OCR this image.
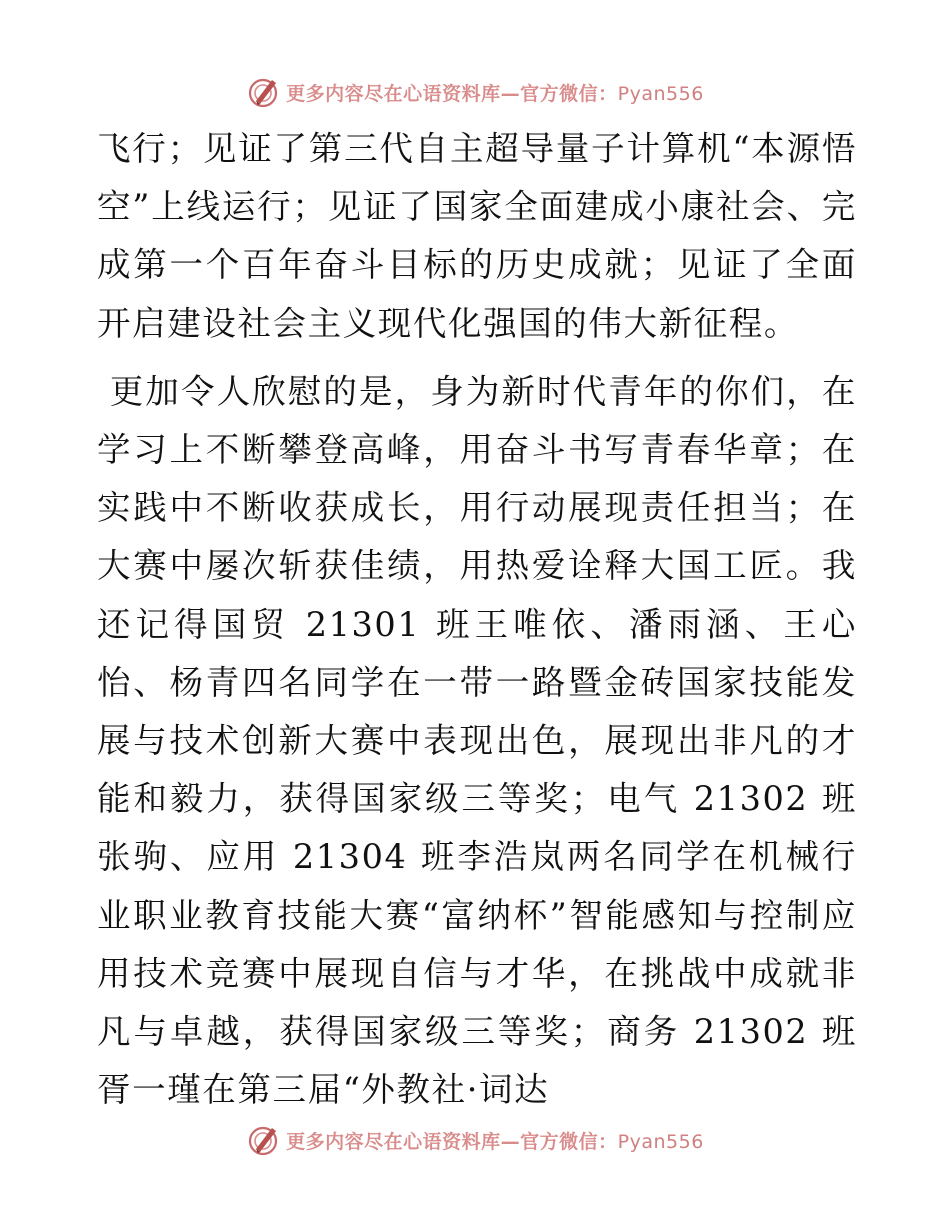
更多内容尽在心语资料库—官方微信：Pyan556

飞行；见证了第三代自主超导量子计算机“本源悟空”上线运行；见证了国家全面建成小康社会、完成第一个百年奋斗目标的历史成就；见证了全面开启建设社会主义现代化强国的伟大新征程。

更加令人欣慰的是，身为新时代青年的你们，在学习上不断攀登高峰，用奋斗书写青春华章；在实践中不断收获成长，用行动展现责任担当；在大赛中屡次斩获佳绩，用热爱诠释大国工匠。我还记得国贸 21301 班王唯依、潘雨涵、王心怡、杨青四名同学在一带一路暨金砖国家技能发展与技术创新大赛中表现出色，展现出非凡的才能和毅力，获得国家级三等奖；电气 21302 班张驹、应用 21304 班李浩岚两名同学在机械行业职业教育技能大赛“富纳杯”智能感知与控制应用技术竞赛中展现自信与才华，在挑战中成就非凡与卓越，获得国家级三等奖；商务 21302 班胥一瑾在第三届“外教社·词达

更多内容尽在心语资料库—官方微信：Pyan556
